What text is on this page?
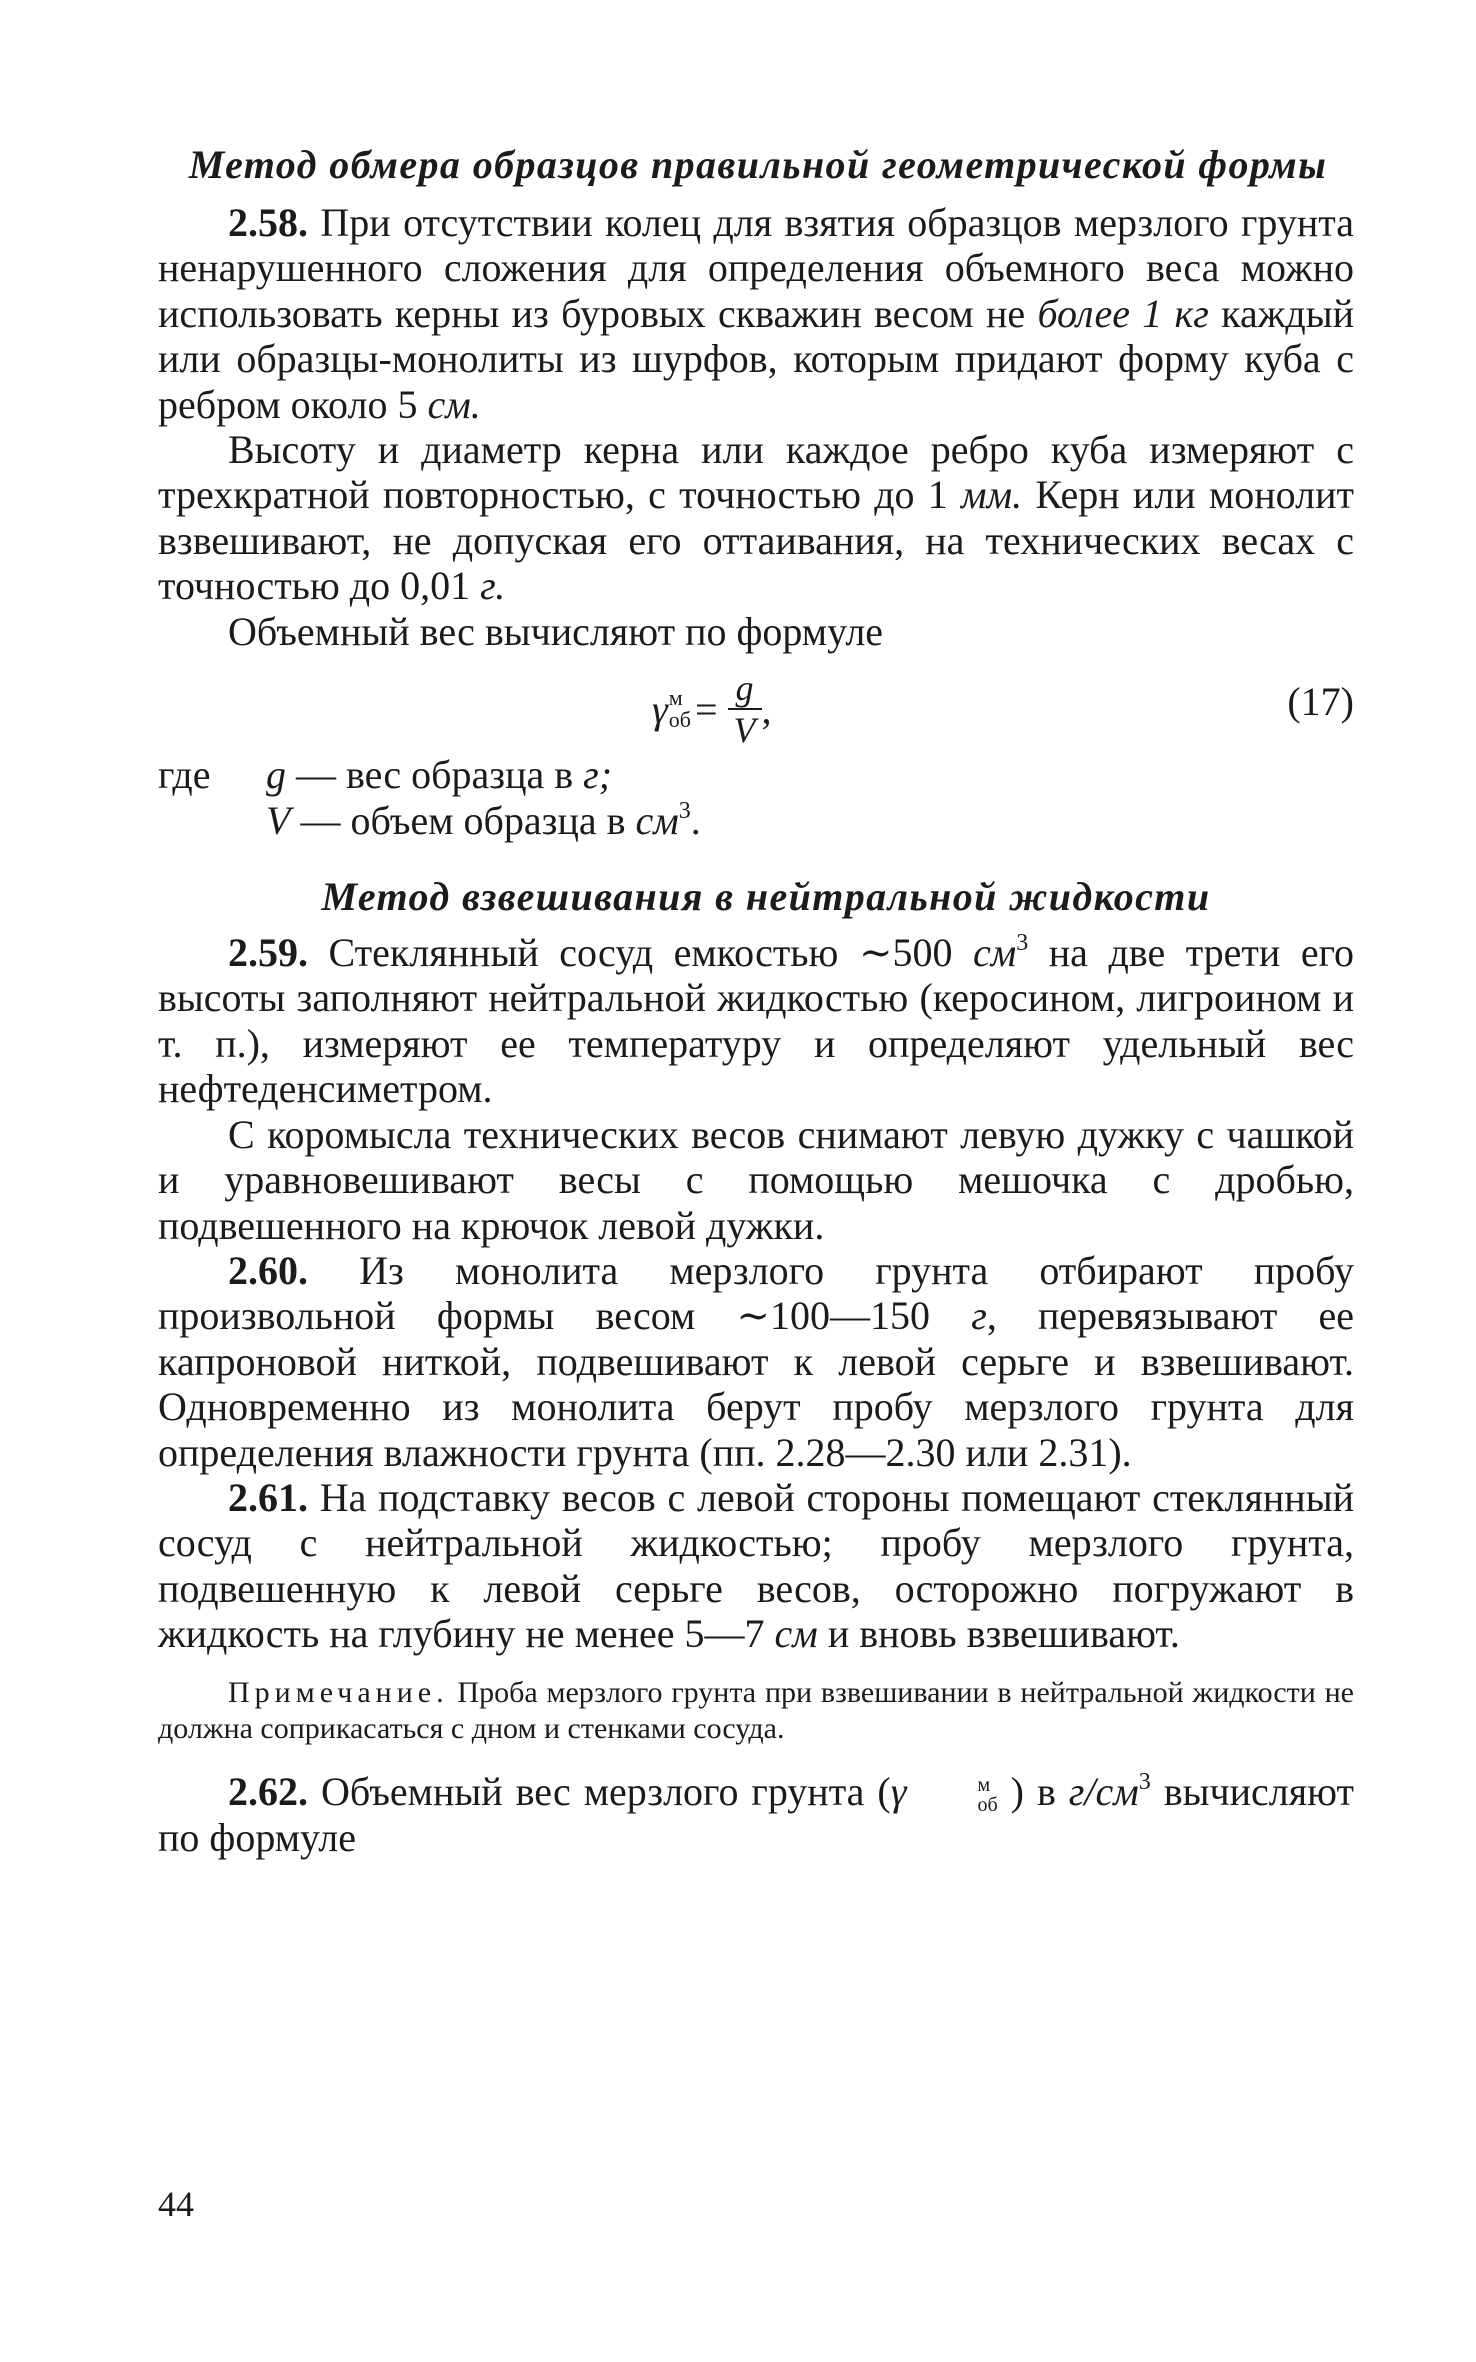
Метод обмера образцов правильной геометрической формы

2.58. При отсутствии колец для взятия образцов мерзлого грунта ненарушенного сложения для определения объемного веса можно использовать керны из буровых скважин весом не более 1 кг каждый или образцы-монолиты из шурфов, которым придают форму куба с ребром около 5 см.

Высоту и диаметр керна или каждое ребро куба измеряют с трехкратной повторностью, с точностью до 1 мм. Керн или монолит взвешивают, не допуская его оттаивания, на технических весах с точностью до 0,01 г.

Объемный вес вычисляют по формуле

γ м
об = $\frac{g}{V}$ ,	(17)
где g — вес образца в г;
V — объем образца в $см^3$.
Метод взвешивания в нейтральной жидкости

2.59. Стеклянный сосуд емкостью ∼500 $см^3$ на две трети его высоты заполняют нейтральной жидкостью (керосином, лигроином и т. п.), измеряют ее температуру и определяют удельный вес нефтеденсиметром.

С коромысла технических весов снимают левую дужку с чашкой и уравновешивают весы с помощью мешочка с дробью, подвешенного на крючок левой дужки.

2.60. Из монолита мерзлого грунта отбирают пробу произвольной формы весом ∼100—150 г, перевязывают ее капроновой ниткой, подвешивают к левой серьге и взвешивают. Одновременно из монолита берут пробу мерзлого грунта для определения влажности грунта (пп. 2.28—2.30 или 2.31).

2.61. На подставку весов с левой стороны помещают стеклянный сосуд с нейтральной жидкостью; пробу мерзлого грунта, подвешенную к левой серьге весов, осторожно погружают в жидкость на глубину не менее 5—7 см и вновь взвешивают.

Примечание. Проба мерзлого грунта при взвешивании в нейтральной жидкости не должна соприкасаться с дном и стенками сосуда.

2.62. Объемный вес мерзлого грунта (γ	м
об ) в $г/см^3$ вычисляют по формуле

44
